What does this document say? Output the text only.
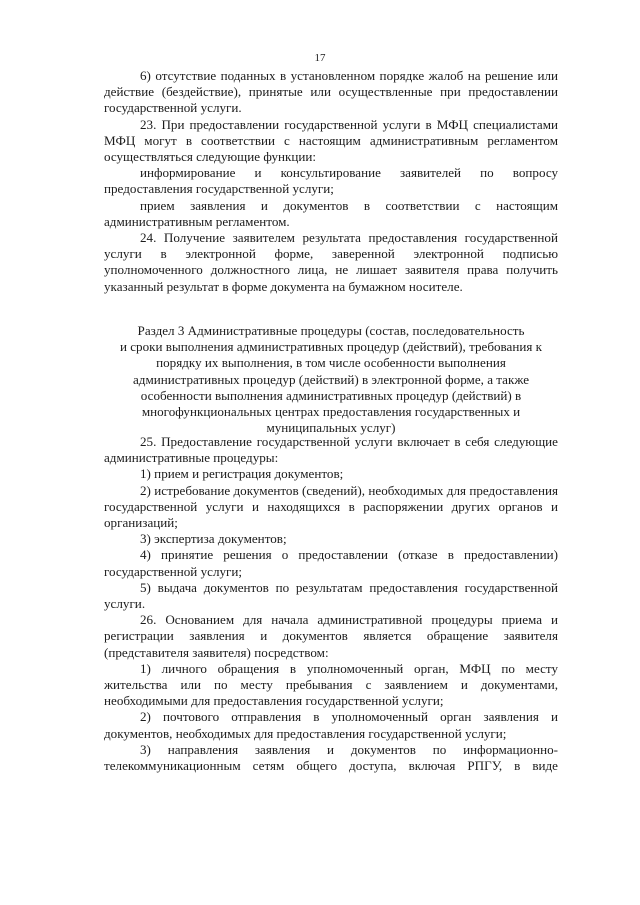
17

6) отсутствие поданных в установленном порядке жалоб на решение или действие (бездействие), принятые или осуществленные при предоставлении государственной услуги.

23. При предоставлении государственной услуги в МФЦ специалистами МФЦ могут в соответствии с настоящим административным регламентом осуществляться следующие функции:

информирование и консультирование заявителей по вопросу предоставления государственной услуги;

прием заявления и документов в соответствии с настоящим административным регламентом.

24. Получение заявителем результата предоставления государственной услуги в электронной форме, заверенной электронной подписью уполномоченного должностного лица, не лишает заявителя права получить указанный результат в форме документа на бумажном носителе.

Раздел 3 Административные процедуры (состав, последовательность
и сроки выполнения административных процедур (действий), требования к
порядку их выполнения, в том числе особенности выполнения
административных процедур (действий) в электронной форме, а также
особенности выполнения административных процедур (действий) в
многофункциональных центрах предоставления государственных и
муниципальных услуг)

25. Предоставление государственной услуги включает в себя следующие административные процедуры:

1) прием и регистрация документов;

2) истребование документов (сведений), необходимых для предоставления государственной услуги и находящихся в распоряжении других органов и организаций;

3) экспертиза документов;

4) принятие решения о предоставлении (отказе в предоставлении) государственной услуги;

5) выдача документов по результатам предоставления государственной услуги.

26. Основанием для начала административной процедуры приема и регистрации заявления и документов является обращение заявителя (представителя заявителя) посредством:

1) личного обращения в уполномоченный орган, МФЦ по месту жительства или по месту пребывания с заявлением и документами, необходимыми для предоставления государственной услуги;

2) почтового отправления в уполномоченный орган заявления и документов, необходимых для предоставления государственной услуги;

3) направления заявления и документов по информационно-телекоммуникационным сетям общего доступа, включая РПГУ, в виде
